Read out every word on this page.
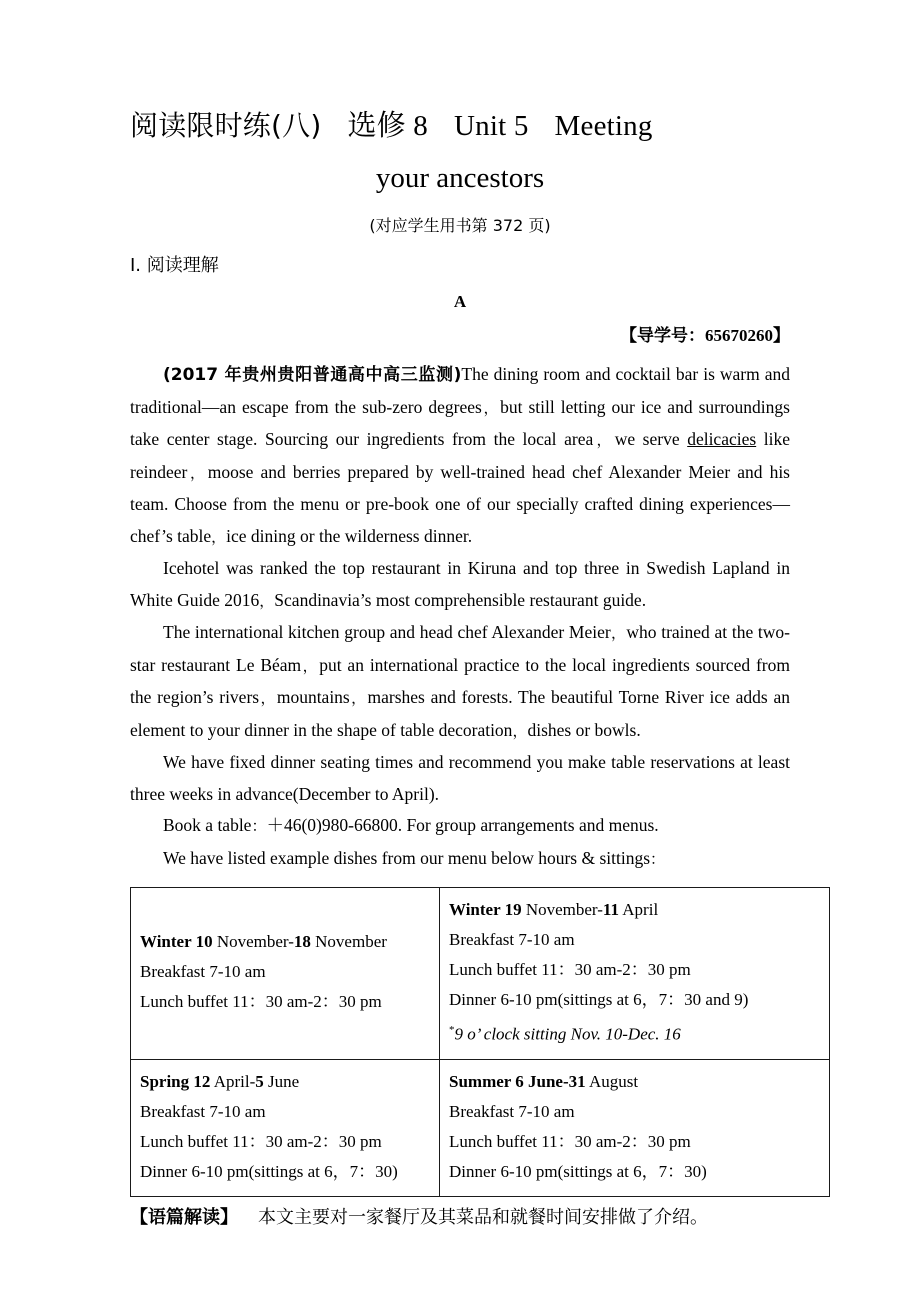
阅读限时练(八) 选修 8 Unit 5 Meeting
your ancestors
(对应学生用书第 372 页)
Ⅰ. 阅读理解
A
【导学号：65670260】

(2017 年贵州贵阳普通高中高三监测)The dining room and cocktail bar is warm and traditional—an escape from the sub-zero degrees，but still letting our ice and surroundings take center stage. Sourcing our ingredients from the local area，we serve delicacies like reindeer，moose and berries prepared by well-trained head chef Alexander Meier and his team. Choose from the menu or pre-book one of our specially crafted dining experiences—chef’s table，ice dining or the wilderness dinner.

Icehotel was ranked the top restaurant in Kiruna and top three in Swedish Lapland in White Guide 2016，Scandinavia’s most comprehensible restaurant guide.

The international kitchen group and head chef Alexander Meier，who trained at the two-star restaurant Le Béam，put an international practice to the local ingredients sourced from the region’s rivers，mountains，marshes and forests. The beautiful Torne River ice adds an element to your dinner in the shape of table decoration，dishes or bowls.

We have fixed dinner seating times and recommend you make table reservations at least three weeks in advance(December to April).

Book a table：＋46(0)980-66800. For group arrangements and menus.

We have listed example dishes from our menu below hours & sittings：

Winter 10 November-18 November
Breakfast 7-10 am
Lunch buffet 11：30 am-2：30 pm

Winter 19 November-11 April
Breakfast 7-10 am
Lunch buffet 11：30 am-2：30 pm
Dinner 6-10 pm(sittings at 6，7：30 and 9)
*9 o’ clock sitting Nov. 10-Dec. 16

Spring 12 April-5 June
Breakfast 7-10 am
Lunch buffet 11：30 am-2：30 pm
Dinner 6-10 pm(sittings at 6，7：30)

Summer 6 June-31 August
Breakfast 7-10 am
Lunch buffet 11：30 am-2：30 pm
Dinner 6-10 pm(sittings at 6，7：30)
【语篇解读】 本文主要对一家餐厅及其菜品和就餐时间安排做了介绍。
